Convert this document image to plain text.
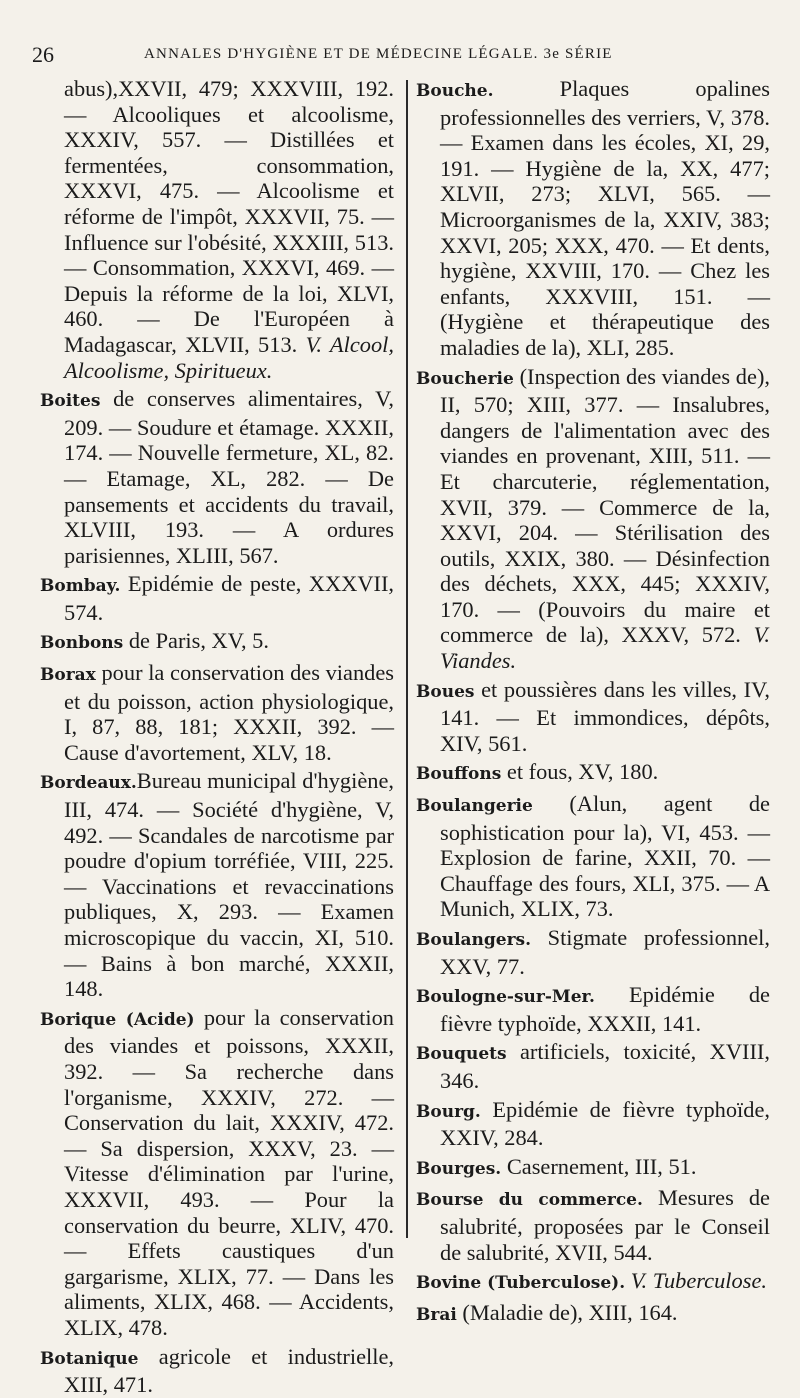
26	ANNALES D'HYGIÈNE ET DE MÉDECINE LÉGALE. 3e SÉRIE

abus),XXVII, 479; XXXVIII, 192. — Alcooliques et alcoolisme, XXXIV, 557. — Distillées et fermentées, consommation, XXXVI, 475. — Alcoolisme et réforme de l'impôt, XXXVII, 75. — Influence sur l'obésité, XXXIII, 513. — Consommation, XXXVI, 469. — Depuis la réforme de la loi, XLVI, 460. — De l'Européen à Madagascar, XLVII, 513. V. Alcool, Alcoolisme, Spiritueux.

Boites de conserves alimentaires, V, 209. — Soudure et étamage. XXXII, 174. — Nouvelle fermeture, XL, 82. — Etamage, XL, 282. — De pansements et accidents du travail, XLVIII, 193. — A ordures parisiennes, XLIII, 567.

Bombay. Epidémie de peste, XXXVII, 574.

Bonbons de Paris, XV, 5.

Borax pour la conservation des viandes et du poisson, action physiologique, I, 87, 88, 181; XXXII, 392. — Cause d'avortement, XLV, 18.

Bordeaux.Bureau municipal d'hygiène, III, 474. — Société d'hygiène, V, 492. — Scandales de narcotisme par poudre d'opium torréfiée, VIII, 225. — Vaccinations et revaccinations publiques, X, 293. — Examen microscopique du vaccin, XI, 510. — Bains à bon marché, XXXII, 148.

Borique (Acide) pour la conservation des viandes et poissons, XXXII, 392. — Sa recherche dans l'organisme, XXXIV, 272. — Conservation du lait, XXXIV, 472. — Sa dispersion, XXXV, 23. — Vitesse d'élimination par l'urine, XXXVII, 493. — Pour la conservation du beurre, XLIV, 470. — Effets caustiques d'un gargarisme, XLIX, 77. — Dans les aliments, XLIX, 468. — Accidents, XLIX, 478.

Botanique agricole et industrielle, XIII, 471.

Bouche. Plaques opalines professionnelles des verriers, V, 378. — Examen dans les écoles, XI, 29, 191. — Hygiène de la, XX, 477; XLVII, 273; XLVI, 565. — Microorganismes de la, XXIV, 383; XXVI, 205; XXX, 470. — Et dents, hygiène, XXVIII, 170. — Chez les enfants, XXXVIII, 151. — (Hygiène et thérapeutique des maladies de la), XLI, 285.

Boucherie (Inspection des viandes de), II, 570; XIII, 377. — Insalubres, dangers de l'alimentation avec des viandes en provenant, XIII, 511. — Et charcuterie, réglementation, XVII, 379. — Commerce de la, XXVI, 204. — Stérilisation des outils, XXIX, 380. — Désinfection des déchets, XXX, 445; XXXIV, 170. — (Pouvoirs du maire et commerce de la), XXXV, 572. V. Viandes.

Boues et poussières dans les villes, IV, 141. — Et immondices, dépôts, XIV, 561.

Bouffons et fous, XV, 180.

Boulangerie (Alun, agent de sophistication pour la), VI, 453. — Explosion de farine, XXII, 70. — Chauffage des fours, XLI, 375. — A Munich, XLIX, 73.

Boulangers. Stigmate professionnel, XXV, 77.

Boulogne-sur-Mer. Epidémie de fièvre typhoïde, XXXII, 141.

Bouquets artificiels, toxicité, XVIII, 346.

Bourg. Epidémie de fièvre typhoïde, XXIV, 284.

Bourges. Casernement, III, 51.

Bourse du commerce. Mesures de salubrité, proposées par le Conseil de salubrité, XVII, 544.

Bovine (Tuberculose). V. Tuberculose.

Brai (Maladie de), XIII, 164.
